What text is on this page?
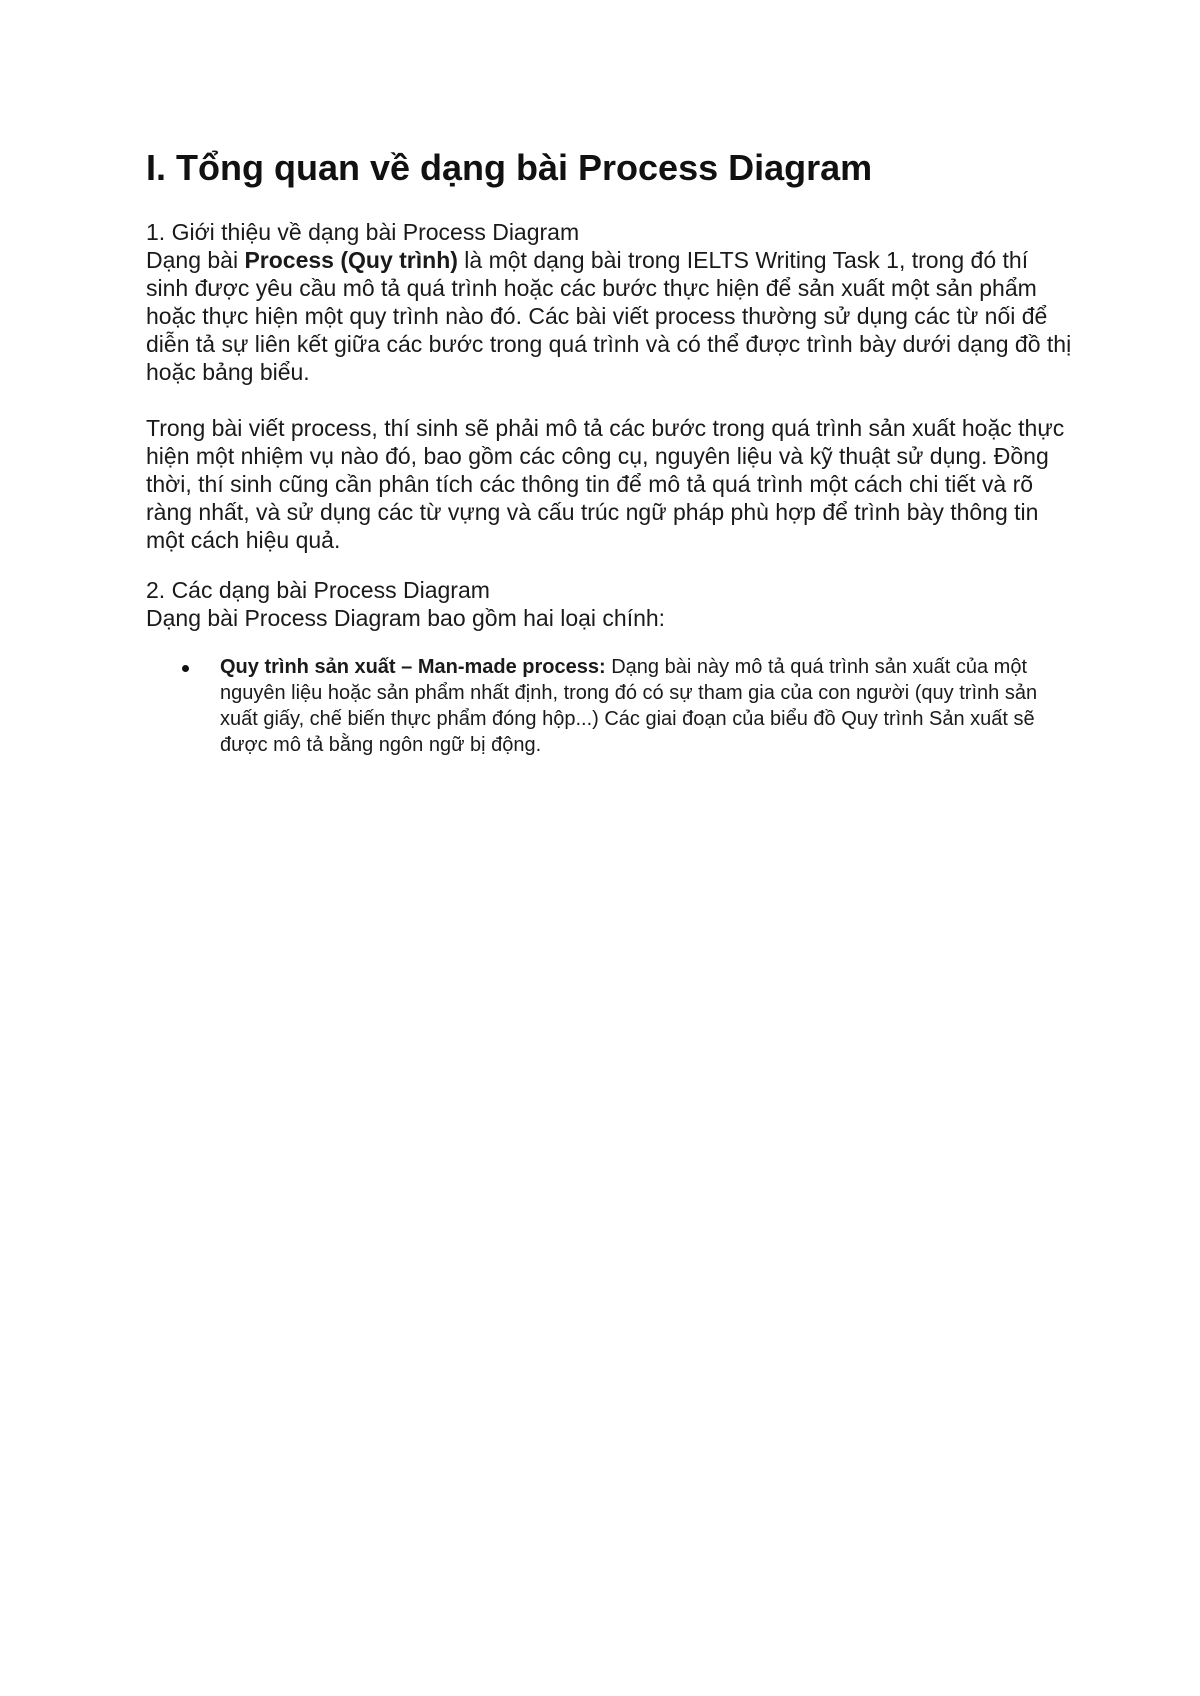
I. Tổng quan về dạng bài Process Diagram

1. Giới thiệu về dạng bài Process Diagram

Dạng bài Process (Quy trình) là một dạng bài trong IELTS Writing Task 1, trong đó thí sinh được yêu cầu mô tả quá trình hoặc các bước thực hiện để sản xuất một sản phẩm hoặc thực hiện một quy trình nào đó. Các bài viết process thường sử dụng các từ nối để diễn tả sự liên kết giữa các bước trong quá trình và có thể được trình bày dưới dạng đồ thị hoặc bảng biểu.

Trong bài viết process, thí sinh sẽ phải mô tả các bước trong quá trình sản xuất hoặc thực hiện một nhiệm vụ nào đó, bao gồm các công cụ, nguyên liệu và kỹ thuật sử dụng. Đồng thời, thí sinh cũng cần phân tích các thông tin để mô tả quá trình một cách chi tiết và rõ ràng nhất, và sử dụng các từ vựng và cấu trúc ngữ pháp phù hợp để trình bày thông tin một cách hiệu quả.

2. Các dạng bài Process Diagram

Dạng bài Process Diagram bao gồm hai loại chính:

Quy trình sản xuất – Man-made process: Dạng bài này mô tả quá trình sản xuất của một nguyên liệu hoặc sản phẩm nhất định, trong đó có sự tham gia của con người (quy trình sản xuất giấy, chế biến thực phẩm đóng hộp...) Các giai đoạn của biểu đồ Quy trình Sản xuất sẽ được mô tả bằng ngôn ngữ bị động.
